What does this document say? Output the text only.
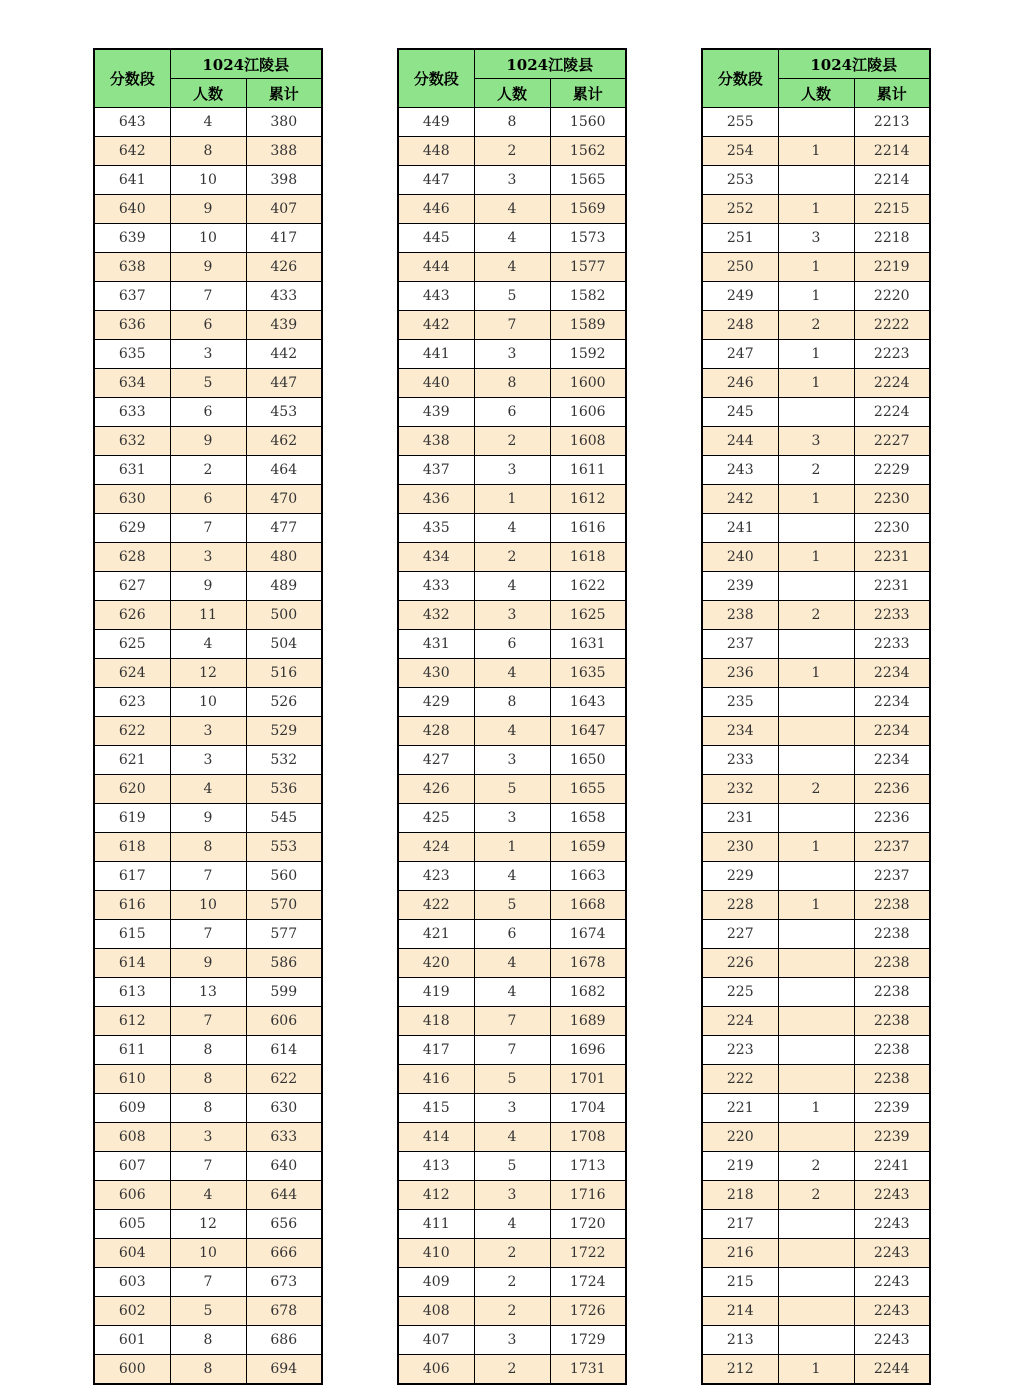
分数段	1024江陵县	
	人数	累计
643	4	380
642	8	388
641	10	398
640	9	407
639	10	417
638	9	426
637	7	433
636	6	439
635	3	442
634	5	447
633	6	453
632	9	462
631	2	464
630	6	470
629	7	477
628	3	480
627	9	489
626	11	500
625	4	504
624	12	516
623	10	526
622	3	529
621	3	532
620	4	536
619	9	545
618	8	553
617	7	560
616	10	570
615	7	577
614	9	586
613	13	599
612	7	606
611	8	614
610	8	622
609	8	630
608	3	633
607	7	640
606	4	644
605	12	656
604	10	666
603	7	673
602	5	678
601	8	686
600	8	694
分数段	1024江陵县	
	人数	累计
449	8	1560
448	2	1562
447	3	1565
446	4	1569
445	4	1573
444	4	1577
443	5	1582
442	7	1589
441	3	1592
440	8	1600
439	6	1606
438	2	1608
437	3	1611
436	1	1612
435	4	1616
434	2	1618
433	4	1622
432	3	1625
431	6	1631
430	4	1635
429	8	1643
428	4	1647
427	3	1650
426	5	1655
425	3	1658
424	1	1659
423	4	1663
422	5	1668
421	6	1674
420	4	1678
419	4	1682
418	7	1689
417	7	1696
416	5	1701
415	3	1704
414	4	1708
413	5	1713
412	3	1716
411	4	1720
410	2	1722
409	2	1724
408	2	1726
407	3	1729
406	2	1731
分数段	1024江陵县	
	人数	累计
255		2213
254	1	2214
253		2214
252	1	2215
251	3	2218
250	1	2219
249	1	2220
248	2	2222
247	1	2223
246	1	2224
245		2224
244	3	2227
243	2	2229
242	1	2230
241		2230
240	1	2231
239		2231
238	2	2233
237		2233
236	1	2234
235		2234
234		2234
233		2234
232	2	2236
231		2236
230	1	2237
229		2237
228	1	2238
227		2238
226		2238
225		2238
224		2238
223		2238
222		2238
221	1	2239
220		2239
219	2	2241
218	2	2243
217		2243
216		2243
215		2243
214		2243
213		2243
212	1	2244
